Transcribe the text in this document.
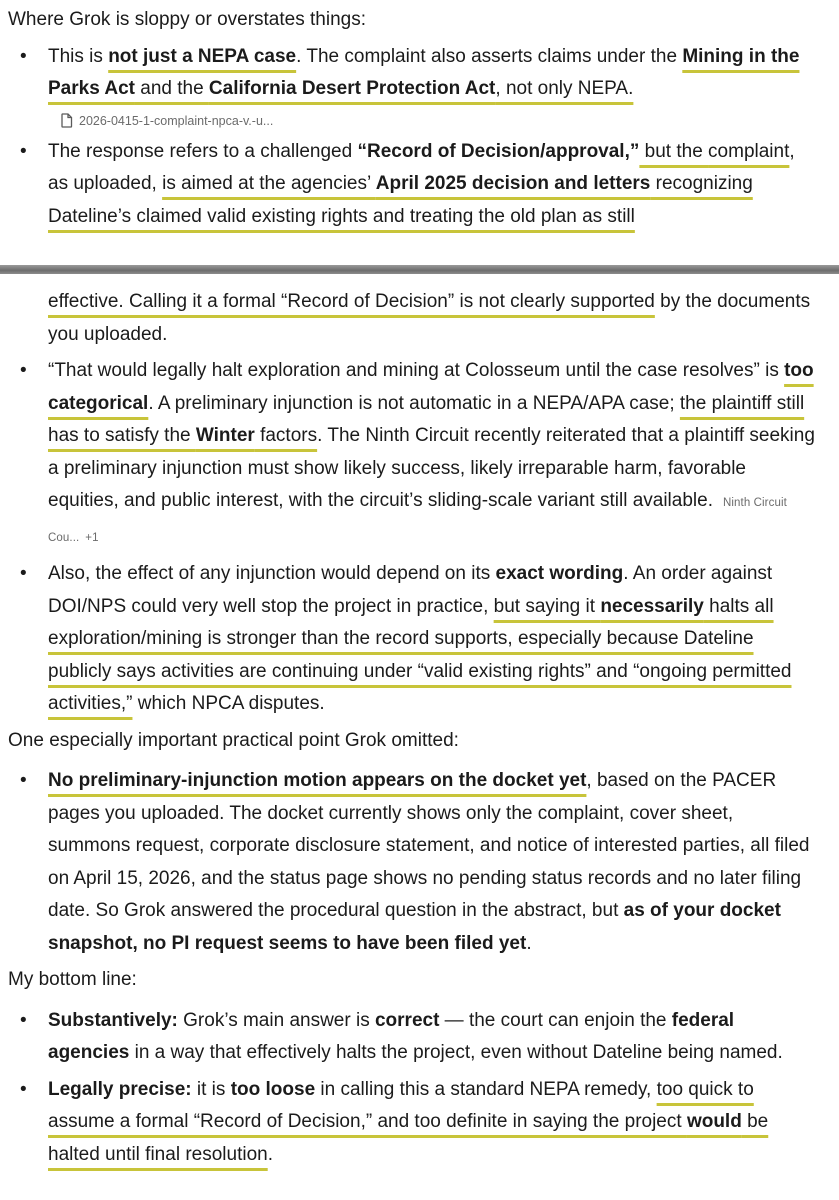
Where Grok is sloppy or overstates things:

• This is not just a NEPA case. The complaint also asserts claims under the Mining in the Parks Act and the California Desert Protection Act, not only NEPA.
2026-0415-1-complaint-npca-v.-u...
• The response refers to a challenged “Record of Decision/approval,” but the complaint, as uploaded, is aimed at the agencies’ April 2025 decision and letters recognizing Dateline’s claimed valid existing rights and treating the old plan as still

effective. Calling it a formal “Record of Decision” is not clearly supported by the documents you uploaded.

• “That would legally halt exploration and mining at Colosseum until the case resolves” is too categorical. A preliminary injunction is not automatic in a NEPA/APA case; the plaintiff still has to satisfy the Winter factors. The Ninth Circuit recently reiterated that a plaintiff seeking a preliminary injunction must show likely success, likely irreparable harm, favorable equities, and public interest, with the circuit’s sliding-scale variant still available. Ninth Circuit Cou... +1
• Also, the effect of any injunction would depend on its exact wording. An order against DOI/NPS could very well stop the project in practice, but saying it necessarily halts all exploration/mining is stronger than the record supports, especially because Dateline publicly says activities are continuing under “valid existing rights” and “ongoing permitted activities,” which NPCA disputes.

One especially important practical point Grok omitted:

• No preliminary-injunction motion appears on the docket yet, based on the PACER pages you uploaded. The docket currently shows only the complaint, cover sheet, summons request, corporate disclosure statement, and notice of interested parties, all filed on April 15, 2026, and the status page shows no pending status records and no later filing date. So Grok answered the procedural question in the abstract, but as of your docket snapshot, no PI request seems to have been filed yet.

My bottom line:

• Substantively: Grok’s main answer is correct — the court can enjoin the federal agencies in a way that effectively halts the project, even without Dateline being named.
• Legally precise: it is too loose in calling this a standard NEPA remedy, too quick to assume a formal “Record of Decision,” and too definite in saying the project would be halted until final resolution.
